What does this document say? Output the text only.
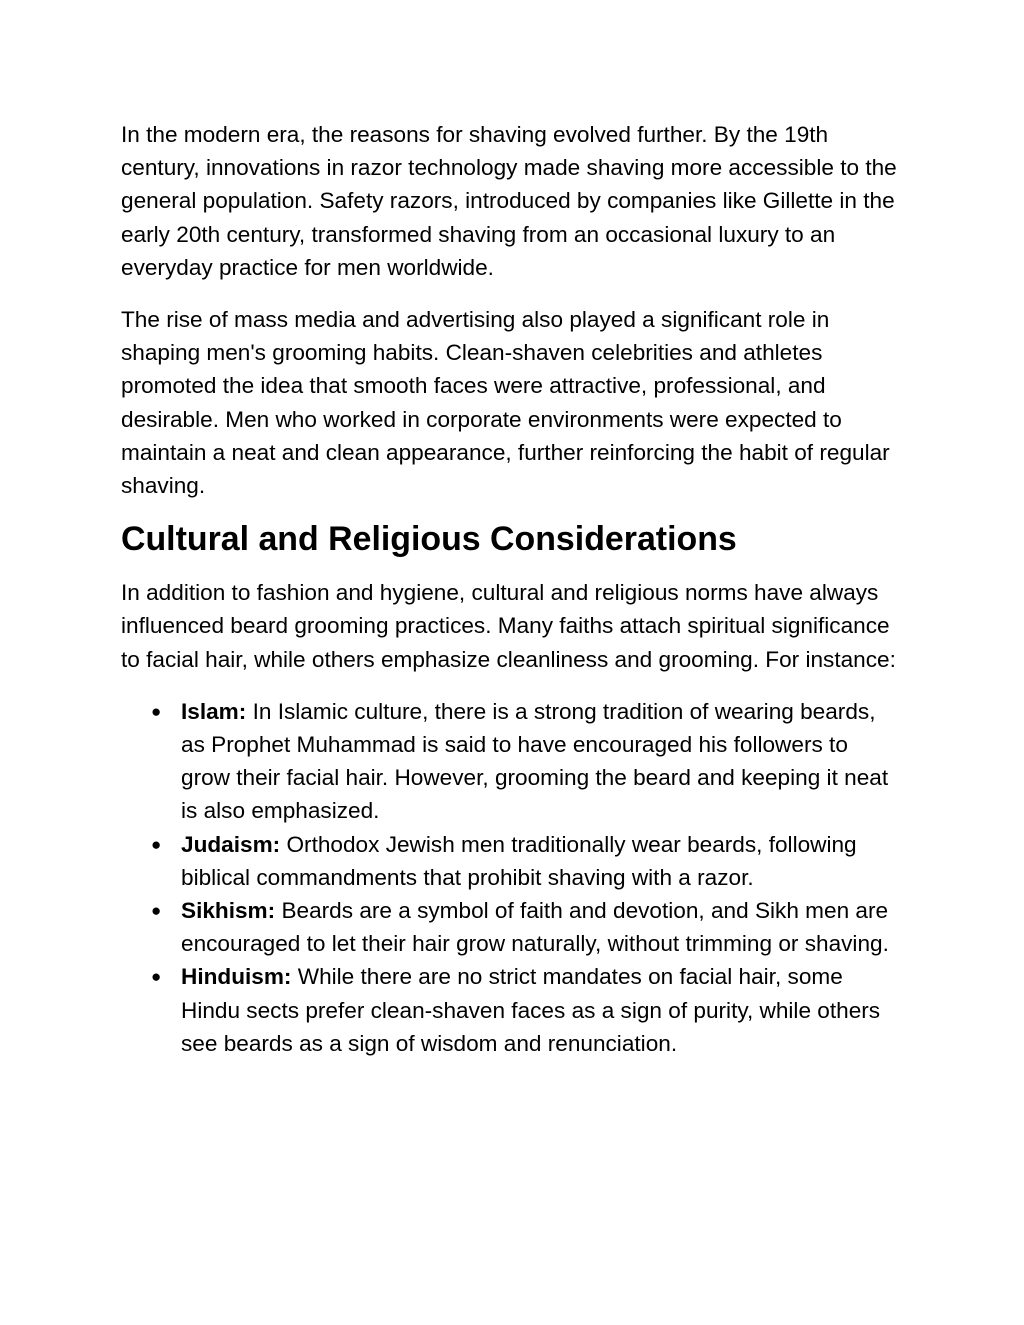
In the modern era, the reasons for shaving evolved further. By the 19th century, innovations in razor technology made shaving more accessible to the general population. Safety razors, introduced by companies like Gillette in the early 20th century, transformed shaving from an occasional luxury to an everyday practice for men worldwide.

The rise of mass media and advertising also played a significant role in shaping men's grooming habits. Clean-shaven celebrities and athletes promoted the idea that smooth faces were attractive, professional, and desirable. Men who worked in corporate environments were expected to maintain a neat and clean appearance, further reinforcing the habit of regular shaving.

Cultural and Religious Considerations

In addition to fashion and hygiene, cultural and religious norms have always influenced beard grooming practices. Many faiths attach spiritual significance to facial hair, while others emphasize cleanliness and grooming. For instance:

● Islam: In Islamic culture, there is a strong tradition of wearing beards, as Prophet Muhammad is said to have encouraged his followers to grow their facial hair. However, grooming the beard and keeping it neat is also emphasized.
● Judaism: Orthodox Jewish men traditionally wear beards, following biblical commandments that prohibit shaving with a razor.
● Sikhism: Beards are a symbol of faith and devotion, and Sikh men are encouraged to let their hair grow naturally, without trimming or shaving.
● Hinduism: While there are no strict mandates on facial hair, some Hindu sects prefer clean-shaven faces as a sign of purity, while others see beards as a sign of wisdom and renunciation.
